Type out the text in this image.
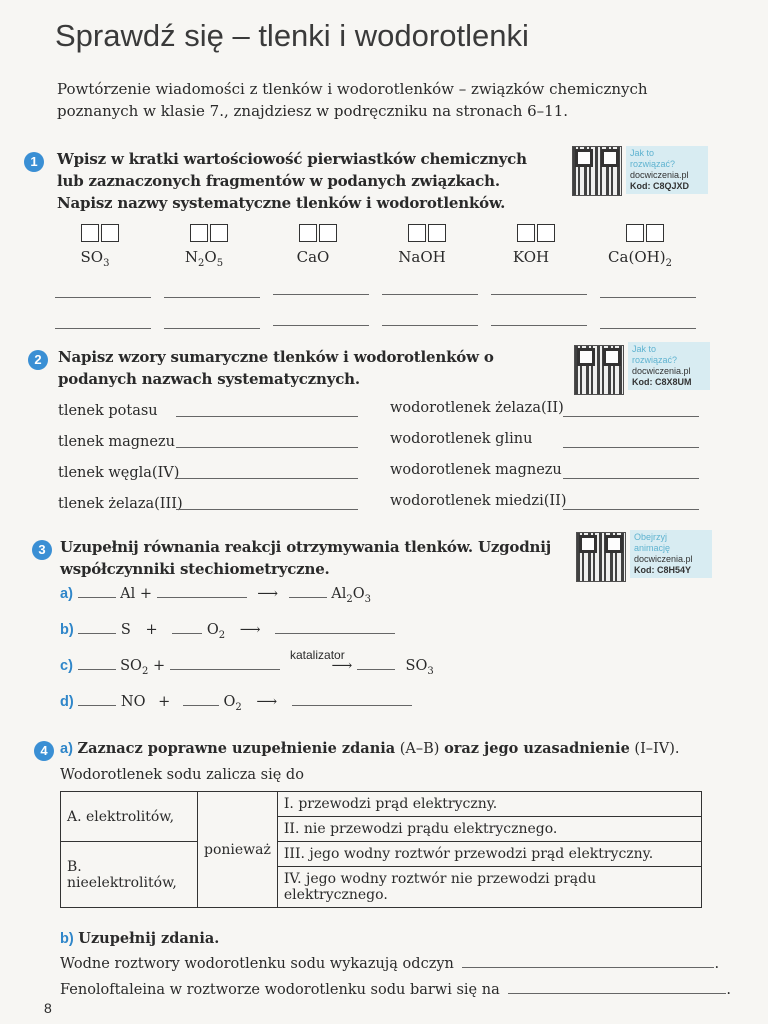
Sprawdź się – tlenki i wodorotlenki
Powtórzenie wiadomości z tlenków i wodorotlenków – związków chemicznych poznanych w klasie 7., znajdziesz w podręczniku na stronach 6–11.
1	Wpisz w kratki wartościowość pierwiastków chemicznych lub zaznaczonych fragmentów w podanych związkach. Napisz nazwy systematyczne tlenków i wodorotlenków.
Jak to
rozwiązać?
docwiczenia.pl
Kod: C8QJXD
$SO_3$	$N_2O_5$	CaO	NaOH	KOH	$Ca(OH)_2$
2	Napisz wzory sumaryczne tlenków i wodorotlenków o podanych nazwach systematycznych.
Jak to
rozwiązać?
docwiczenia.pl
Kod: C8X8UM
tlenek potasu	wodorotlenek żelaza(II)
tlenek magnezu	wodorotlenek glinu
tlenek węgla(IV)	wodorotlenek magnezu
tlenek żelaza(III)	wodorotlenek miedzi(II)
3 Uzupełnij równania reakcji otrzymywania tlenków. Uzgodnij współczynniki stechiometryczne.
Obejrzyj
animację
docwiczenia.pl
Kod: C8H54Y
a)	Al +	⟶	$Al_2O_3$
b)	S +	$O_2$ ⟶
katalizator
c)	$SO_2$ +	⟶	$SO_3$
d)	NO +	$O_2$ ⟶
4 a) Zaznacz poprawne uzupełnienie zdania (A–B) oraz jego uzasadnienie (I–IV).
Wodorotlenek sodu zalicza się do
A. elektrolitów,	ponieważ	I. przewodzi prąd elektryczny.
		II. nie przewodzi prądu elektrycznego.
B. nieelektrolitów,		III. jego wodny roztwór przewodzi prąd elektryczny.
		IV. jego wodny roztwór nie przewodzi prądu elektrycznego.
b) Uzupełnij zdania.
Wodne roztwory wodorotlenku sodu wykazują odczyn	.
Fenoloftaleina w roztworze wodorotlenku sodu barwi się na	.
8
